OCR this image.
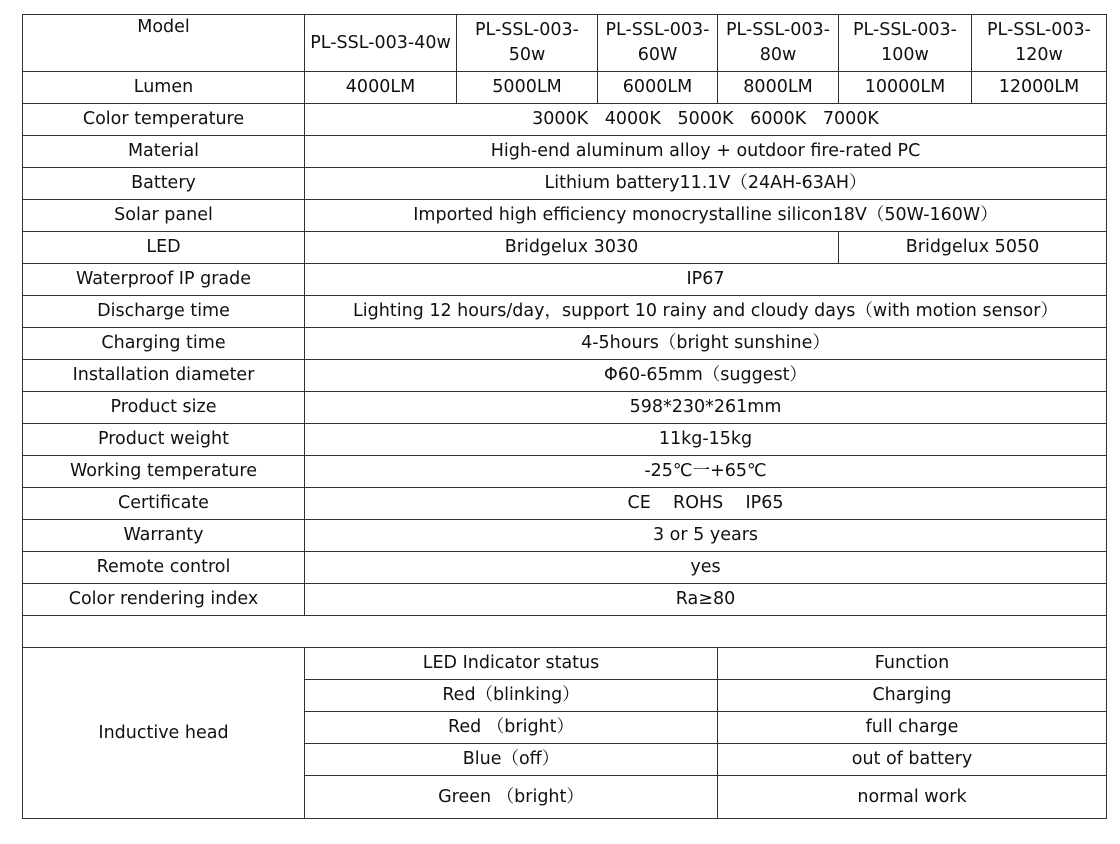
Model	PL-SSL-003-40w	PL-SSL-003-50w	PL-SSL-003-60W	PL-SSL-003-80w	PL-SSL-003-100w	PL-SSL-003-120w
Lumen	4000LM	5000LM	6000LM	8000LM	10000LM	12000LM
Color temperature	3000K   4000K   5000K   6000K   7000K					
Material	High-end aluminum alloy + outdoor fire-rated PC					
Battery	Lithium battery11.1V（24AH-63AH）					
Solar panel	Imported high efficiency monocrystalline silicon18V（50W-160W）					
LED	Bridgelux 3030				Bridgelux 5050	
Waterproof IP grade	IP67					
Discharge time	Lighting 12 hours/day，support 10 rainy and cloudy days（with motion sensor）					
Charging time	4-5hours（bright sunshine）					
Installation diameter	Φ60-65mm（suggest）					
Product size	598*230*261mm					
Product weight	11kg-15kg					
Working temperature	-25℃一+65℃					
Certificate	CE    ROHS    IP65					
Warranty	3 or 5 years					
Remote control	yes					
Color rendering index	Ra≥80					

Inductive head	LED Indicator status			Function		
	Red（blinking）			Charging		
	Red （bright）			full charge		
	Blue（off）			out of battery		
	Green （bright）			normal work		
